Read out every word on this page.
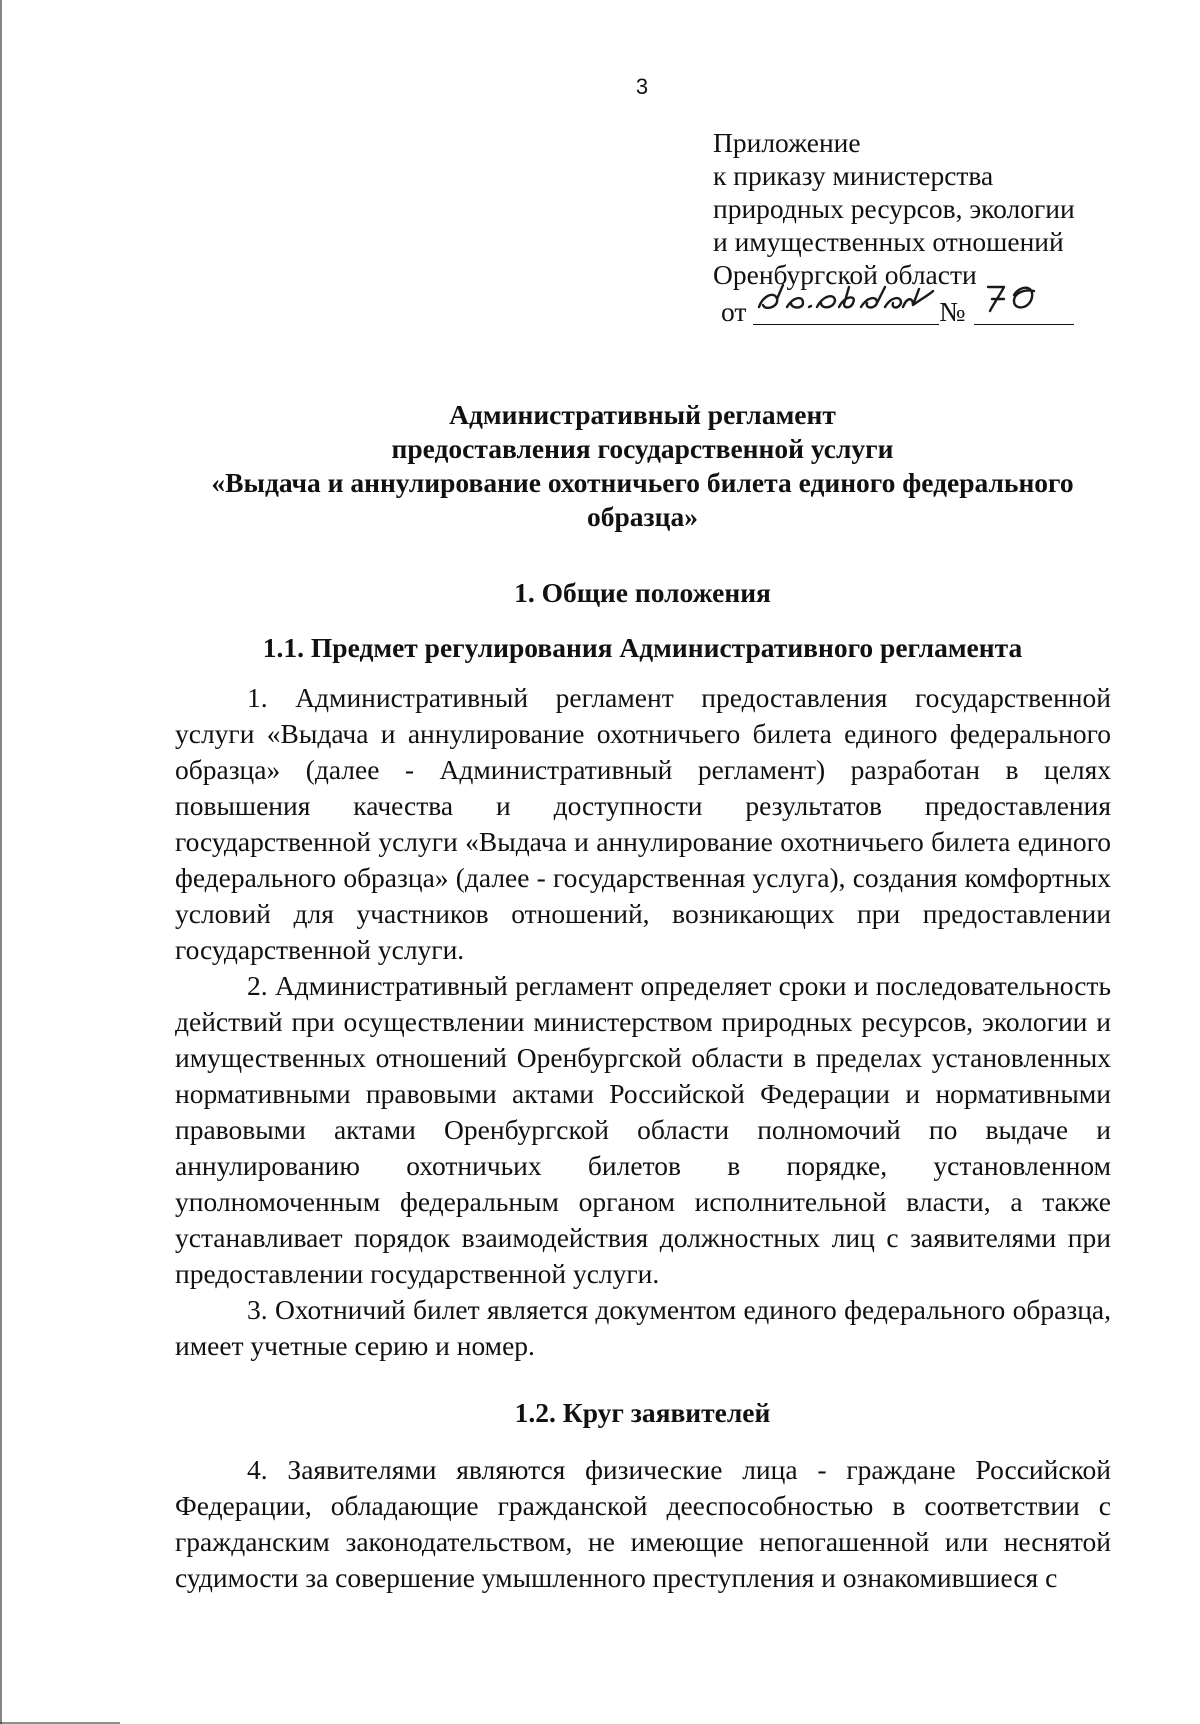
3
Приложение
к приказу министерства
природных ресурсов, экологии
и имущественных отношений
Оренбургской области
от	№
Административный регламент
предоставления государственной услуги
«Выдача и аннулирование охотничьего билета единого федерального образца»
1. Общие положения
1.1. Предмет регулирования Административного регламента
1. Административный регламент предоставления государственной услуги «Выдача и аннулирование охотничьего билета единого федерального образца» (далее - Административный регламент) разработан в целях повышения качества и доступности результатов предоставления государственной услуги «Выдача и аннулирование охотничьего билета единого федерального образца» (далее - государственная услуга), создания комфортных условий для участников отношений, возникающих при предоставлении государственной услуги.
2. Административный регламент определяет сроки и последовательность действий при осуществлении министерством природных ресурсов, экологии и имущественных отношений Оренбургской области в пределах установленных нормативными правовыми актами Российской Федерации и нормативными правовыми актами Оренбургской области полномочий по выдаче и аннулированию охотничьих билетов в порядке, установленном уполномоченным федеральным органом исполнительной власти, а также устанавливает порядок взаимодействия должностных лиц с заявителями при предоставлении государственной услуги.
3. Охотничий билет является документом единого федерального образца, имеет учетные серию и номер.
1.2. Круг заявителей
4. Заявителями являются физические лица - граждане Российской Федерации, обладающие гражданской дееспособностью в соответствии с гражданским законодательством, не имеющие непогашенной или неснятой судимости за совершение умышленного преступления и ознакомившиеся с
